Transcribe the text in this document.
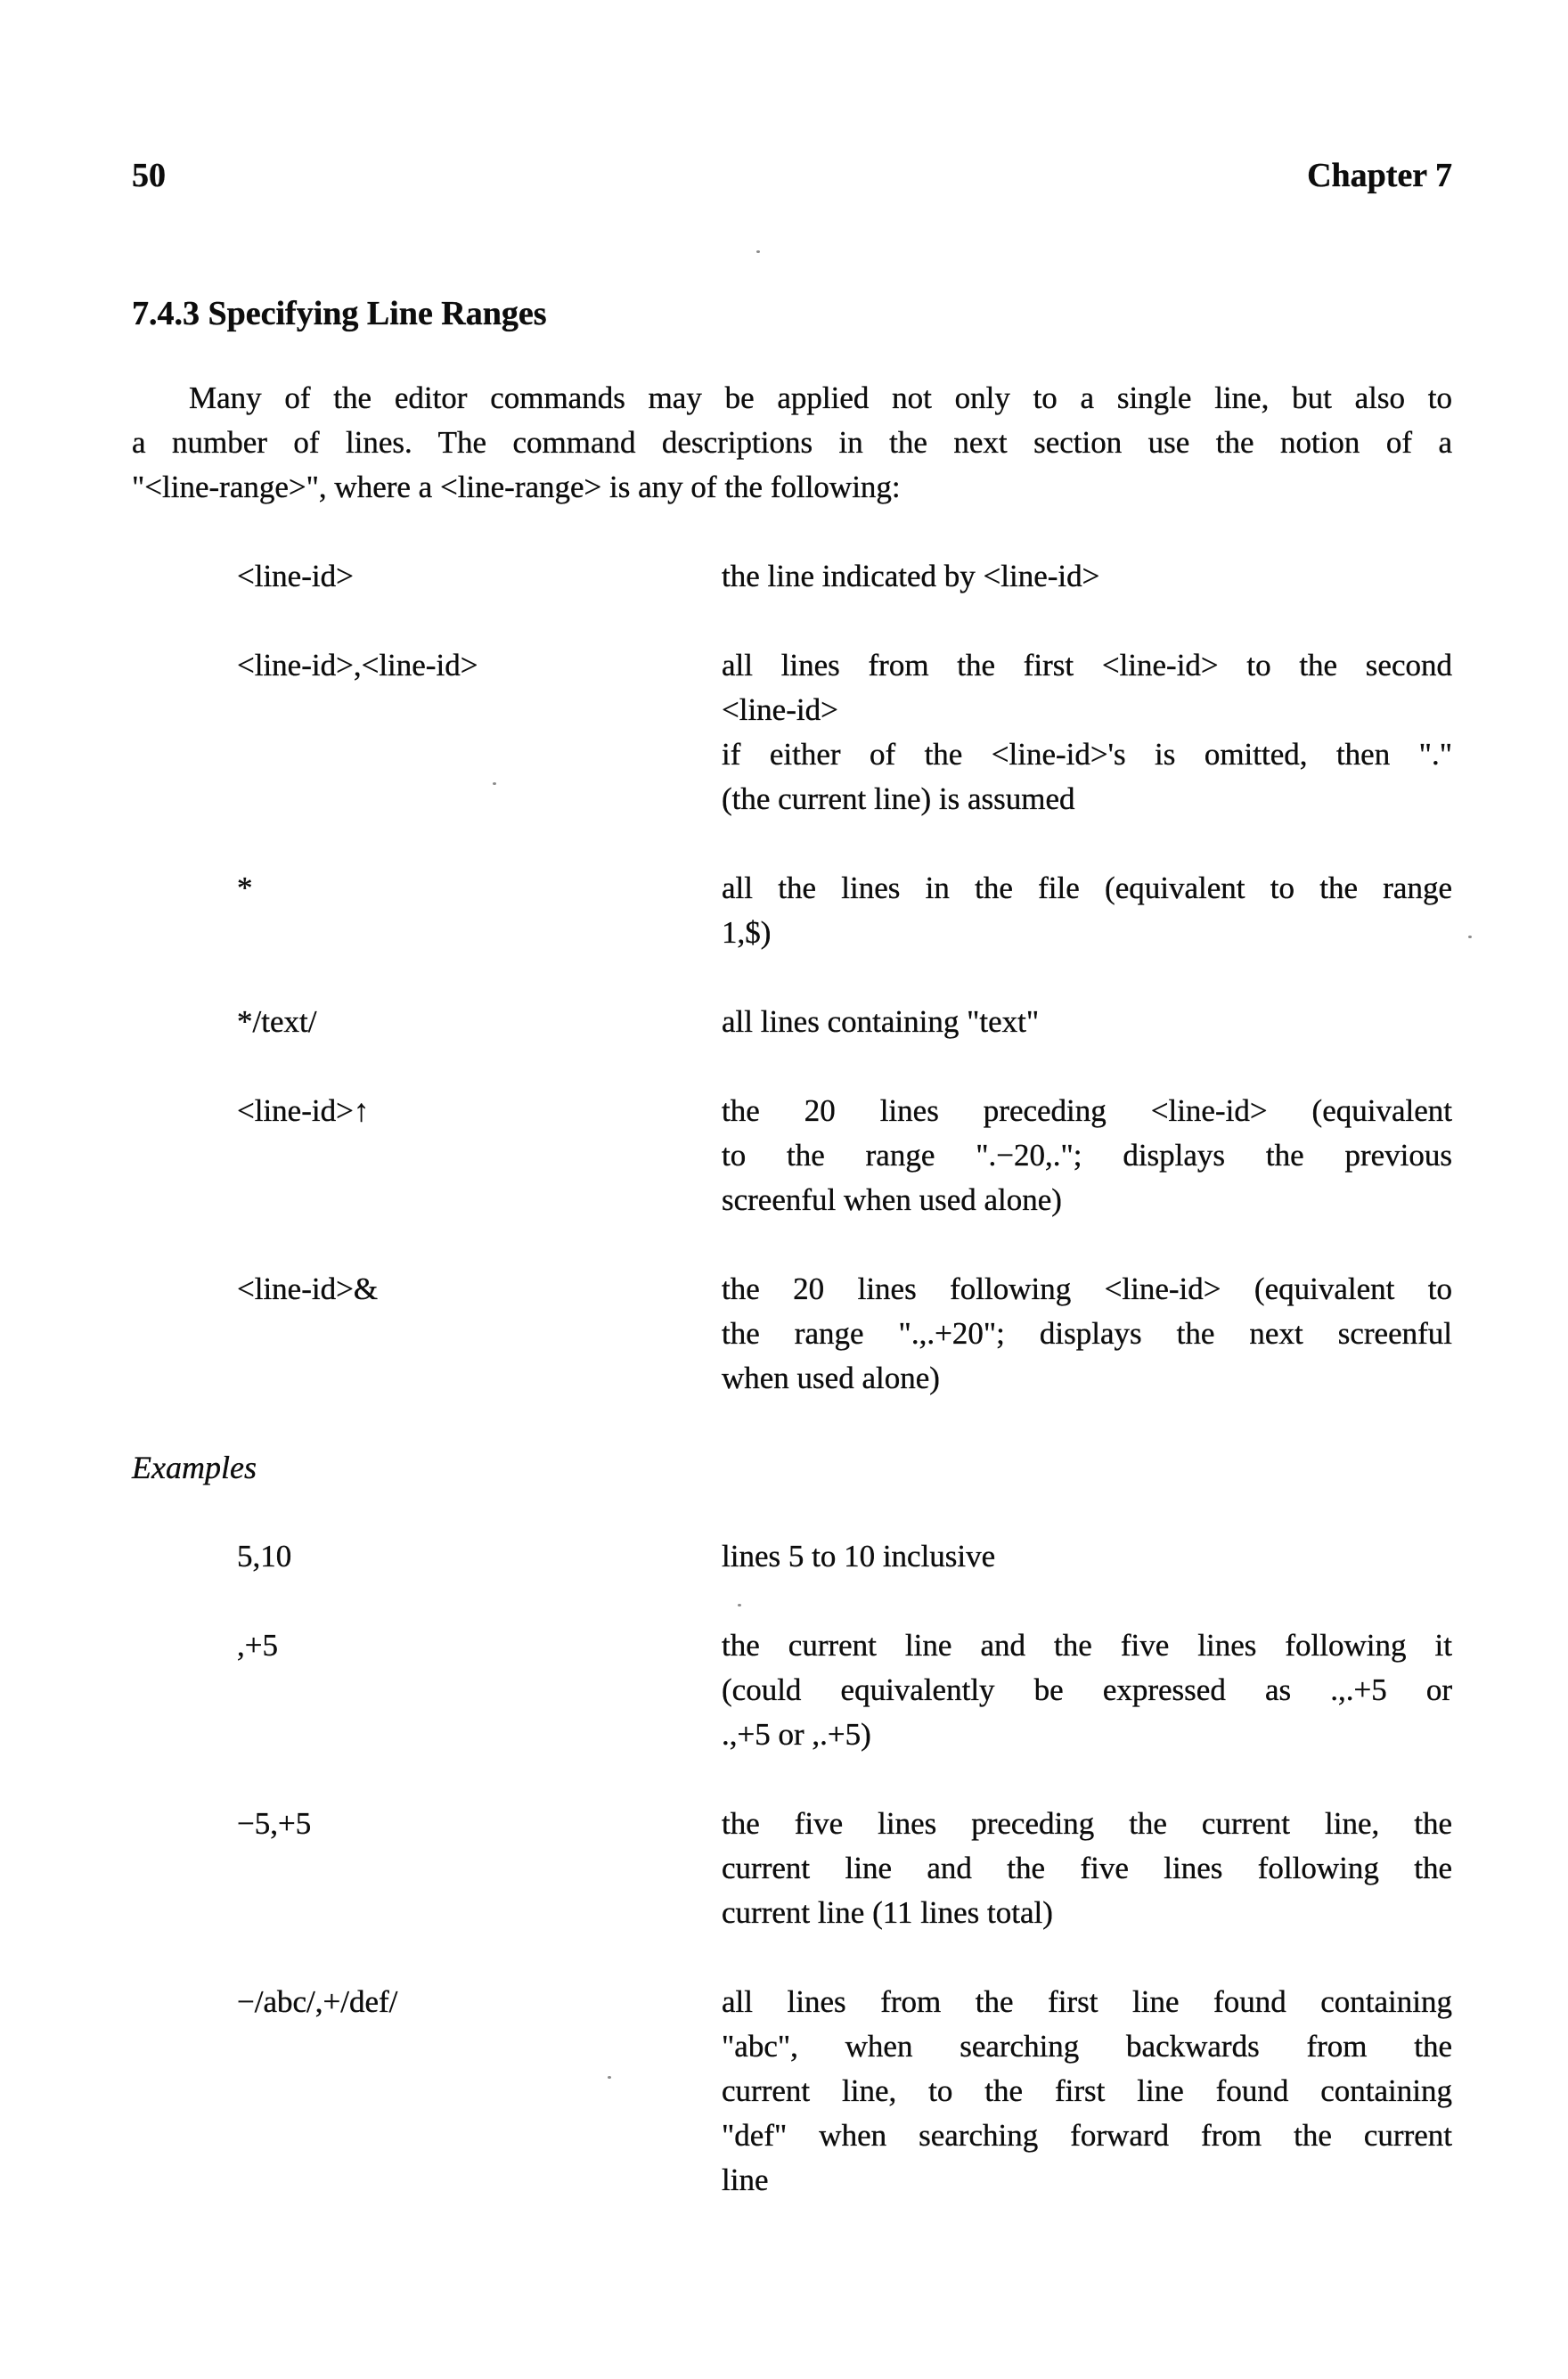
50	Chapter 7
7.4.3 Specifying Line Ranges
Many of the editor commands may be applied not only to a single line, but also to
a number of lines. The command descriptions in the next section use the notion of a
"<line-range>", where a <line-range> is any of the following:
<line-id>	the line indicated by <line-id>
<line-id>,<line-id>	all lines from the first <line-id> to the second
<line-id>
if either of the <line-id>'s is omitted, then "."
(the current line) is assumed
*	all the lines in the file (equivalent to the range
1,$)
*/text/	all lines containing "text"
<line-id>↑	the 20 lines preceding <line-id> (equivalent
to the range ".−20,."; displays the previous
screenful when used alone)
<line-id>&	the 20 lines following <line-id> (equivalent to
the range ".,.+20"; displays the next screenful
when used alone)
Examples
5,10	lines 5 to 10 inclusive
,+5	the current line and the five lines following it
(could equivalently be expressed as .,.+5 or
.,+5 or ,.+5)
−5,+5	the five lines preceding the current line, the
current line and the five lines following the
current line (11 lines total)
−/abc/,+/def/	all lines from the first line found containing
"abc", when searching backwards from the
current line, to the first line found containing
"def" when searching forward from the current
line
